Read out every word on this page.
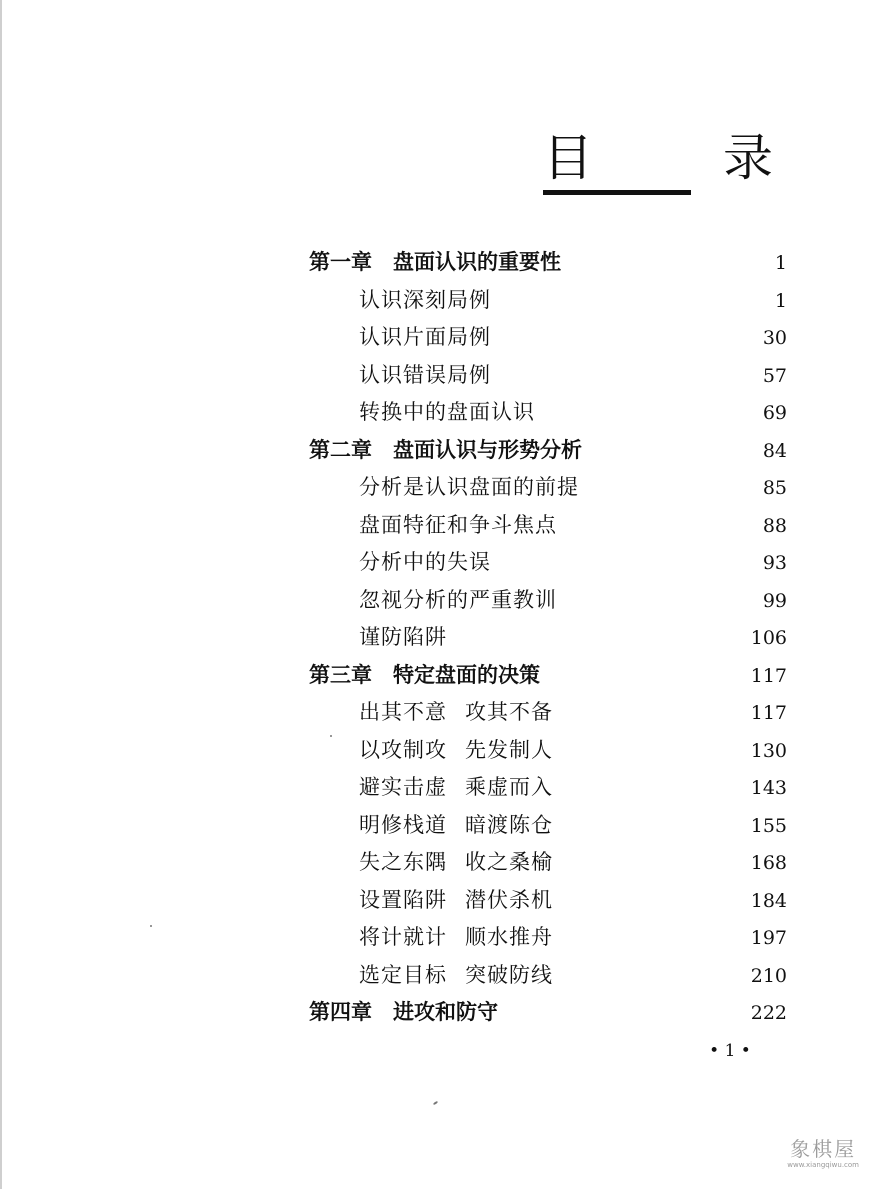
目　录
第一章　盘面认识的重要性	1
认识深刻局例	1
认识片面局例	30
认识错误局例	57
转换中的盘面认识	69
第二章　盘面认识与形势分析	84
分析是认识盘面的前提	85
盘面特征和争斗焦点	88
分析中的失误	93
忽视分析的严重教训	99
谨防陷阱	106
第三章　特定盘面的决策	117
出其不意 攻其不备	117
以攻制攻 先发制人	130
避实击虚 乘虚而入	143
明修栈道 暗渡陈仓	155
失之东隅 收之桑榆	168
设置陷阱 潜伏杀机	184
将计就计 顺水推舟	197
选定目标 突破防线	210
第四章　进攻和防守	222
• 1 •
象棋屋
www.xiangqiwu.com
